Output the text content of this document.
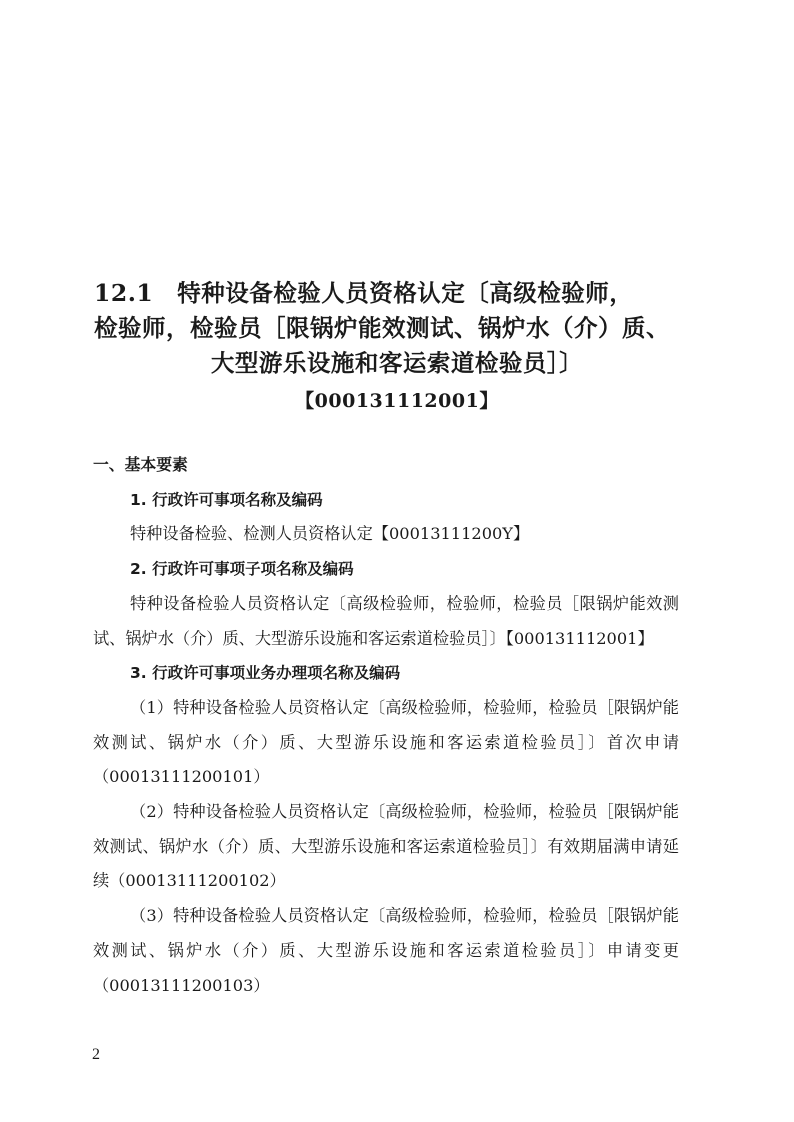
12.1　特种设备检验人员资格认定〔高级检验师，
检验师，检验员［限锅炉能效测试、锅炉水（介）质、
大型游乐设施和客运索道检验员］〕
【000131112001】

一、基本要素

1. 行政许可事项名称及编码

特种设备检验、检测人员资格认定【00013111200Y】

2. 行政许可事项子项名称及编码

特种设备检验人员资格认定〔高级检验师，检验师，检验员［限锅炉能效测试、锅炉水（介）质、大型游乐设施和客运索道检验员］〕【000131112001】

3. 行政许可事项业务办理项名称及编码

（1）特种设备检验人员资格认定〔高级检验师，检验师，检验员［限锅炉能效测试、锅炉水（介）质、大型游乐设施和客运索道检验员］〕首次申请（00013111200101）

（2）特种设备检验人员资格认定〔高级检验师，检验师，检验员［限锅炉能效测试、锅炉水（介）质、大型游乐设施和客运索道检验员］〕有效期届满申请延续（00013111200102）

（3）特种设备检验人员资格认定〔高级检验师，检验师，检验员［限锅炉能效测试、锅炉水（介）质、大型游乐设施和客运索道检验员］〕申请变更（00013111200103）

2
